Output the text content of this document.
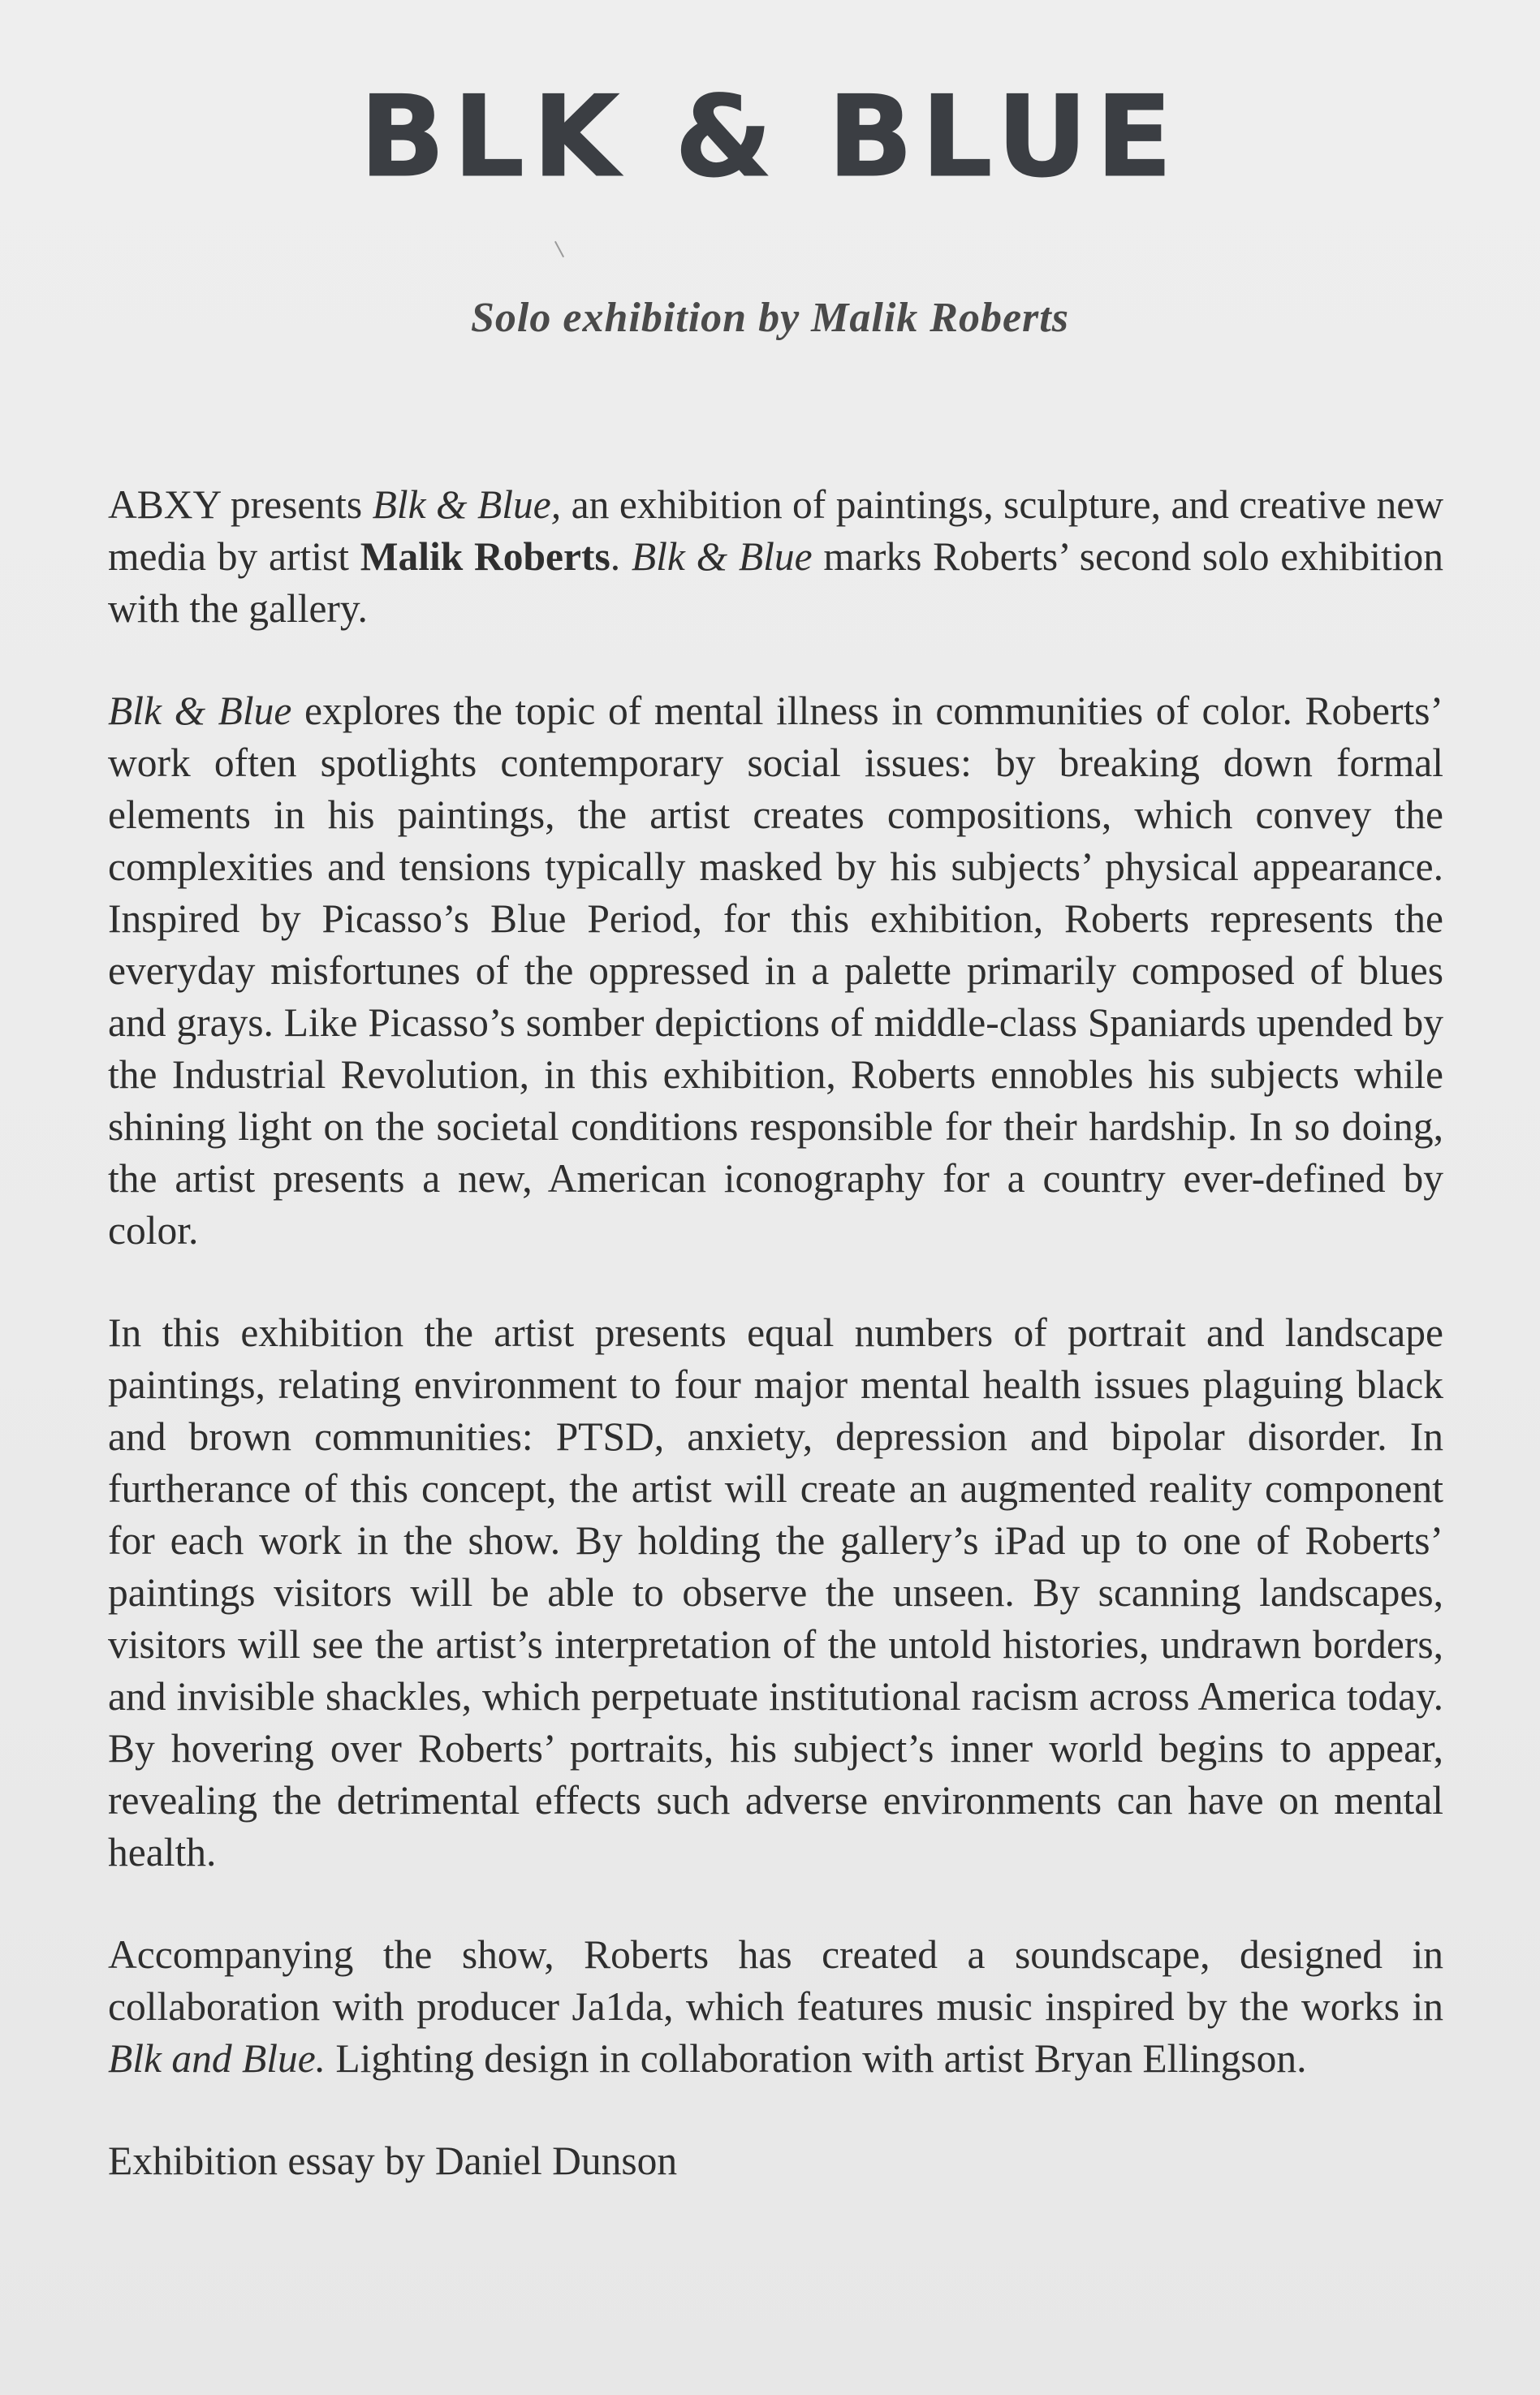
BLK & BLUE
Solo exhibition by Malik Roberts

ABXY presents Blk & Blue, an exhibition of paintings, sculpture, and creative new media by artist Malik Roberts. Blk & Blue marks Roberts’ second solo exhibition with the gallery.

Blk & Blue explores the topic of mental illness in communities of color. Roberts’ work often spotlights contemporary social issues: by breaking down formal elements in his paintings, the artist creates compositions, which convey the complexities and tensions typically masked by his subjects’ physical appearance. Inspired by Picasso’s Blue Period, for this exhibition, Roberts represents the everyday misfortunes of the oppressed in a palette primarily composed of blues and grays. Like Picasso’s somber depictions of middle-class Spaniards upended by the Industrial Revolution, in this exhibition, Roberts ennobles his subjects while shining light on the societal conditions responsible for their hardship. In so doing, the artist presents a new, American iconography for a country ever-defined by color.

In this exhibition the artist presents equal numbers of portrait and landscape paintings, relating environment to four major mental health issues plaguing black and brown communities: PTSD, anxiety, depression and bipolar disorder. In furtherance of this concept, the artist will create an augmented reality component for each work in the show. By holding the gallery’s iPad up to one of Roberts’ paintings visitors will be able to observe the unseen. By scanning landscapes, visitors will see the artist’s interpretation of the untold histories, undrawn borders, and invisible shackles, which perpetuate institutional racism across America today. By hovering over Roberts’ portraits, his subject’s inner world begins to appear, revealing the detrimental effects such adverse environments can have on mental health.

Accompanying the show, Roberts has created a soundscape, designed in collaboration with producer Ja1da, which features music inspired by the works in Blk and Blue. Lighting design in collaboration with artist Bryan Ellingson.

Exhibition essay by Daniel Dunson
